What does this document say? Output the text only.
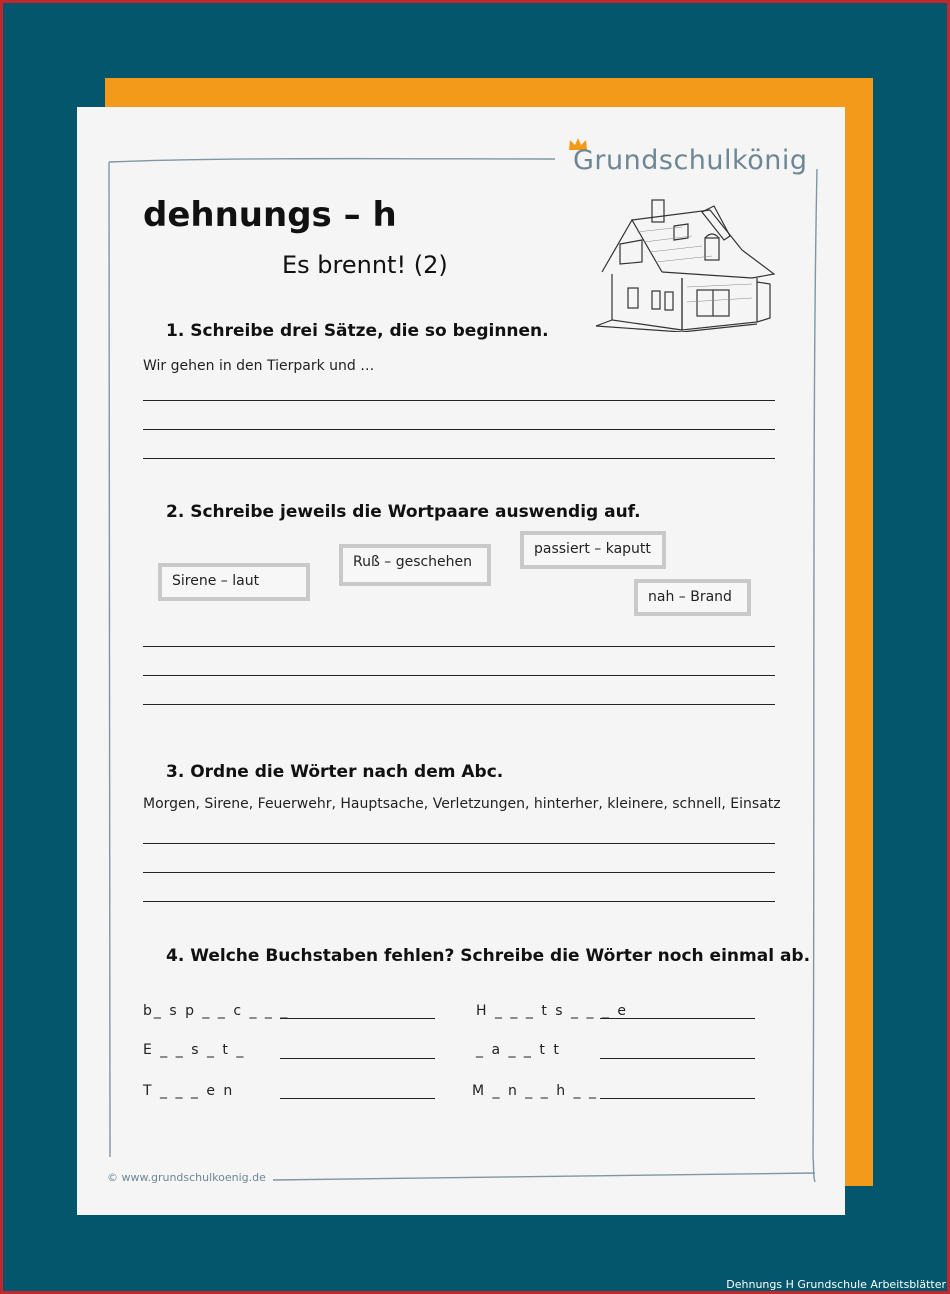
Grundschulkönig
dehnungs – h
Es brennt! (2)
1. Schreibe drei Sätze, die so beginnen.
Wir gehen in den Tierpark und …
2. Schreibe jeweils die Wortpaare auswendig auf.
Sirene – laut
Ruß – geschehen
passiert – kaputt
nah – Brand
3. Ordne die Wörter nach dem Abc.
Morgen, Sirene, Feuerwehr, Hauptsache, Verletzungen, hinterher, kleinere, schnell, Einsatz
4. Welche Buchstaben fehlen? Schreibe die Wörter noch einmal ab.
b_ s p _ _ c _ _ _	H _ _ _ t s _ _ _ e
E _ _ s _ t _	_ a _ _ t t
T _ _ _ e n	M _ n _ _ h _ _
© www.grundschulkoenig.de
Dehnungs H Grundschule Arbeitsblätter
